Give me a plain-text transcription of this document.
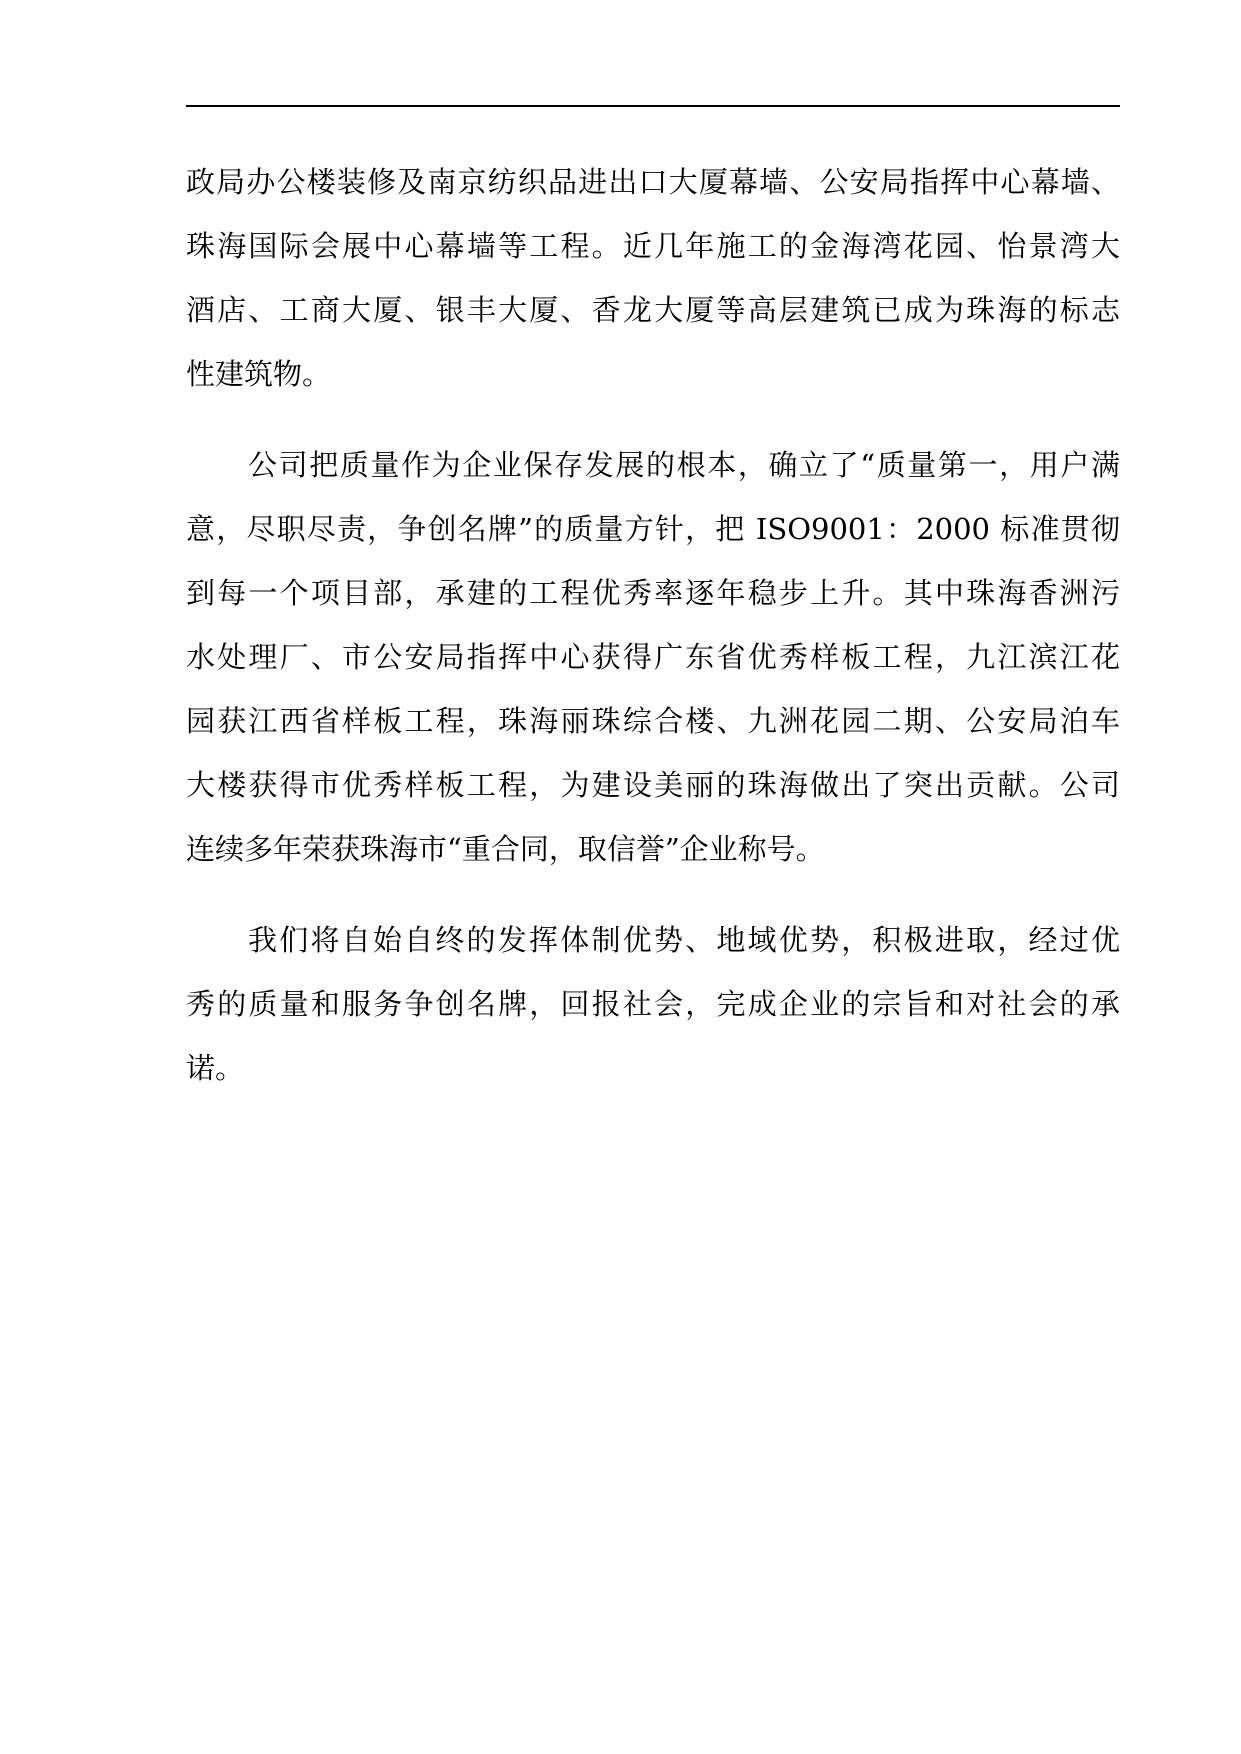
政局办公楼装修及南京纺织品进出口大厦幕墙、公安局指挥中心幕墙、
珠海国际会展中心幕墙等工程。近几年施工的金海湾花园、怡景湾大
酒店、工商大厦、银丰大厦、香龙大厦等高层建筑已成为珠海的标志
性建筑物。

公司把质量作为企业保存发展的根本，确立了“质量第一，用户满
意，尽职尽责，争创名牌”的质量方针，把 ISO9001：2000 标准贯彻
到每一个项目部，承建的工程优秀率逐年稳步上升。其中珠海香洲污
水处理厂、市公安局指挥中心获得广东省优秀样板工程，九江滨江花
园获江西省样板工程，珠海丽珠综合楼、九洲花园二期、公安局泊车
大楼获得市优秀样板工程，为建设美丽的珠海做出了突出贡献。公司
连续多年荣获珠海市“重合同，取信誉”企业称号。

我们将自始自终的发挥体制优势、地域优势，积极进取，经过优
秀的质量和服务争创名牌，回报社会，完成企业的宗旨和对社会的承
诺。
